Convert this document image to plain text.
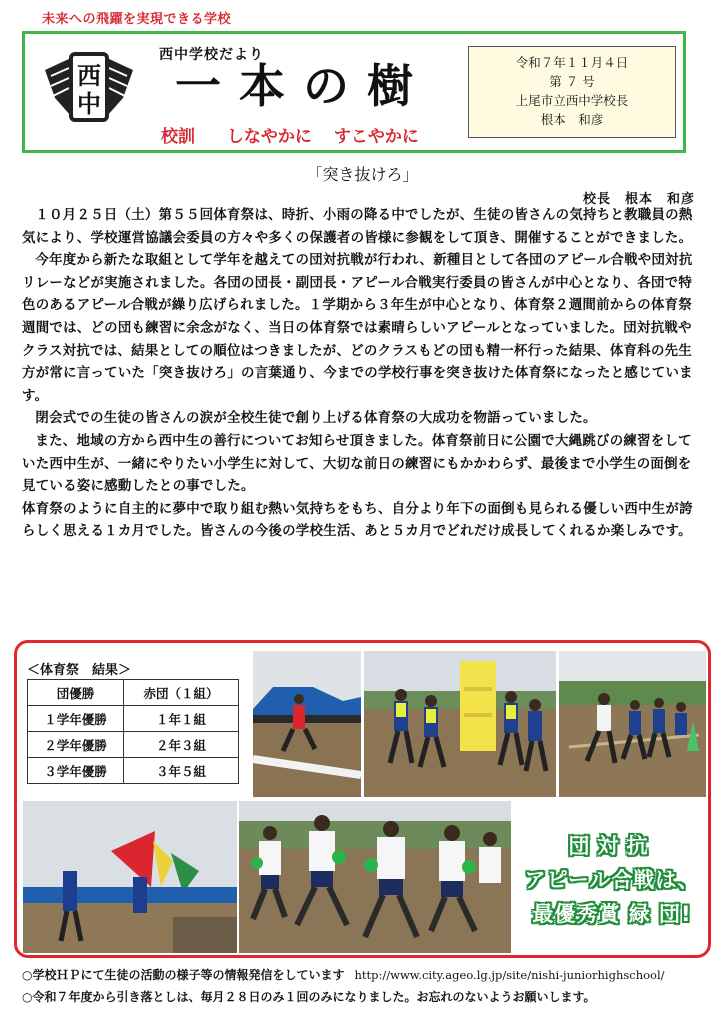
未来への飛躍を実現できる学校
西
中
西中学校だより
一本の樹
校訓 しなやかに すこやかに
令和７年１１月４日
第 ７ 号
上尾市立西中学校長
根本　和彦
「突き抜けろ」
校長　根本　和彦

１０月２５日（土）第５５回体育祭は、時折、小雨の降る中でしたが、生徒の皆さんの気持ちと教職員の熱気により、学校運営協議会委員の方々や多くの保護者の皆様に参観をして頂き、開催することができました。

今年度から新たな取組として学年を越えての団対抗戦が行われ、新種目として各団のアピール合戦や団対抗リレーなどが実施されました。各団の団長・副団長・アピール合戦実行委員の皆さんが中心となり、各団で特色のあるアピール合戦が繰り広げられました。１学期から３年生が中心となり、体育祭２週間前からの体育祭週間では、どの団も練習に余念がなく、当日の体育祭では素晴らしいアピールとなっていました。団対抗戦やクラス対抗では、結果としての順位はつきましたが、どのクラスもどの団も精一杯行った結果、体育科の先生方が常に言っていた「突き抜けろ」の言葉通り、今までの学校行事を突き抜けた体育祭になったと感じています。

閉会式での生徒の皆さんの涙が全校生徒で創り上げる体育祭の大成功を物語っていました。

また、地域の方から西中生の善行についてお知らせ頂きました。体育祭前日に公園で大縄跳びの練習をしていた西中生が、一緒にやりたい小学生に対して、大切な前日の練習にもかかわらず、最後まで小学生の面倒を見ている姿に感動したとの事でした。

体育祭のように自主的に夢中で取り組む熱い気持ちをもち、自分より年下の面倒も見られる優しい西中生が誇らしく思える１カ月でした。皆さんの今後の学校生活、あと５カ月でどれだけ成長してくれるか楽しみです。

＜体育祭　結果＞
団優勝	赤団（１組）
１学年優勝	１年１組
２学年優勝	２年３組
３学年優勝	３年５組
団対抗
アピール合戦は、
最優秀賞 緑 団!
○学校ＨＰにて生徒の活動の様子等の情報発信をしています http://www.city.ageo.lg.jp/site/nishi-juniorhighschool/
○令和７年度から引き落としは、毎月２８日のみ１回のみになりました。お忘れのないようお願いします。
